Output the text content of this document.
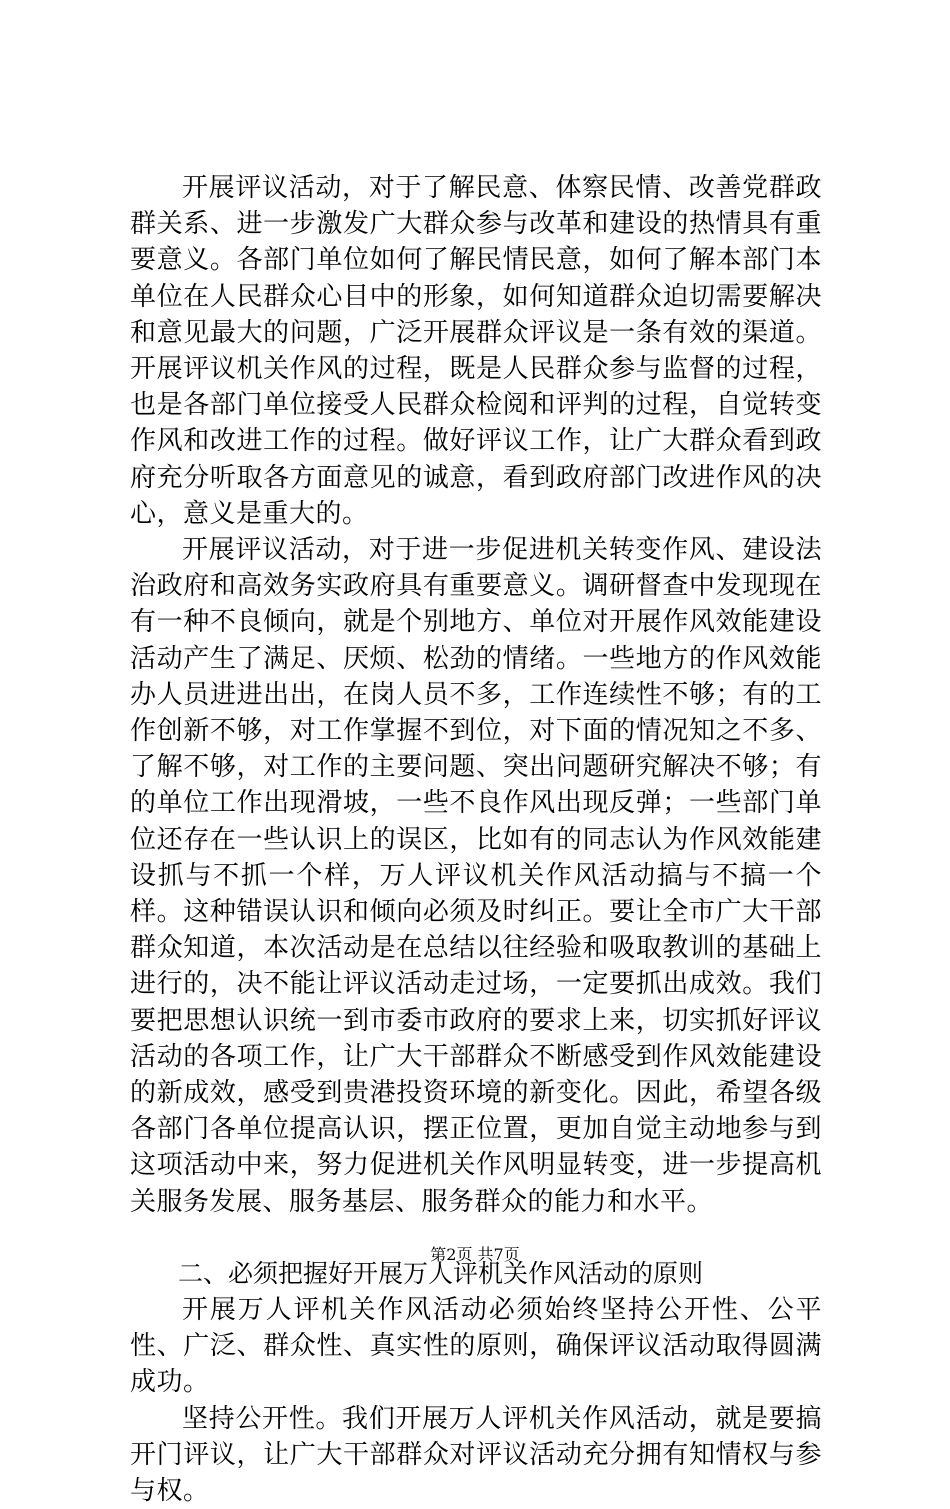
开展评议活动，对于了解民意、体察民情、改善党群政群关系、进一步激发广大群众参与改革和建设的热情具有重要意义。各部门单位如何了解民情民意，如何了解本部门本单位在人民群众心目中的形象，如何知道群众迫切需要解决和意见最大的问题，广泛开展群众评议是一条有效的渠道。开展评议机关作风的过程，既是人民群众参与监督的过程，也是各部门单位接受人民群众检阅和评判的过程，自觉转变作风和改进工作的过程。做好评议工作，让广大群众看到政府充分听取各方面意见的诚意，看到政府部门改进作风的决心，意义是重大的。

开展评议活动，对于进一步促进机关转变作风、建设法治政府和高效务实政府具有重要意义。调研督查中发现现在有一种不良倾向，就是个别地方、单位对开展作风效能建设活动产生了满足、厌烦、松劲的情绪。一些地方的作风效能办人员进进出出，在岗人员不多，工作连续性不够；有的工作创新不够，对工作掌握不到位，对下面的情况知之不多、了解不够，对工作的主要问题、突出问题研究解决不够；有的单位工作出现滑坡，一些不良作风出现反弹；一些部门单位还存在一些认识上的误区，比如有的同志认为作风效能建设抓与不抓一个样，万人评议机关作风活动搞与不搞一个样。这种错误认识和倾向必须及时纠正。要让全市广大干部群众知道，本次活动是在总结以往经验和吸取教训的基础上进行的，决不能让评议活动走过场，一定要抓出成效。我们要把思想认识统一到市委市政府的要求上来，切实抓好评议活动的各项工作，让广大干部群众不断感受到作风效能建设的新成效，感受到贵港投资环境的新变化。因此，希望各级各部门各单位提高认识，摆正位置，更加自觉主动地参与到这项活动中来，努力促进机关作风明显转变，进一步提高机关服务发展、服务基层、服务群众的能力和水平。

二、必须把握好开展万人评机关作风活动的原则

开展万人评机关作风活动必须始终坚持公开性、公平性、广泛、群众性、真实性的原则，确保评议活动取得圆满成功。

坚持公开性。我们开展万人评机关作风活动，就是要搞开门评议，让广大干部群众对评议活动充分拥有知情权与参与权。

第2页 共7页
